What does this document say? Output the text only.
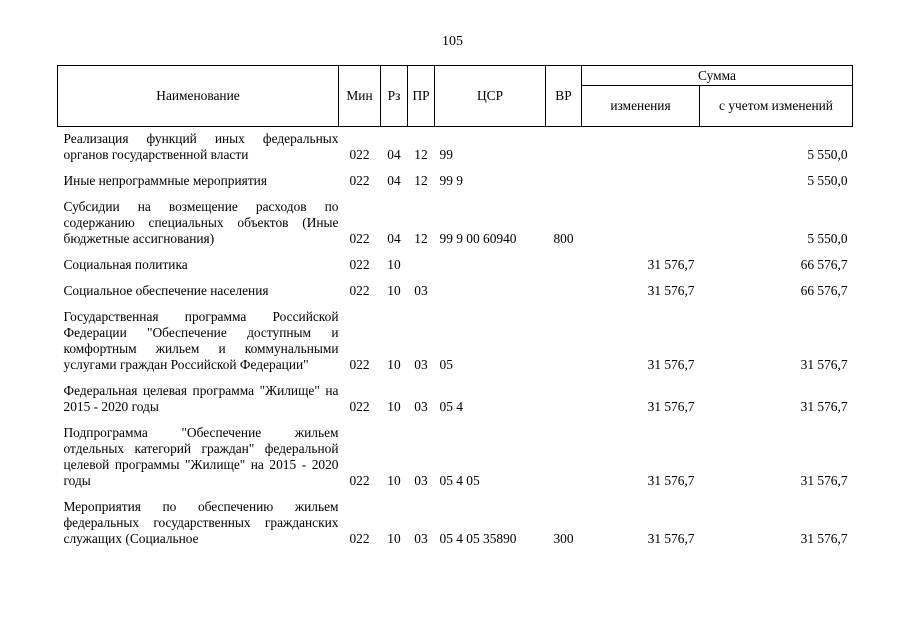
105
Наименование	Мин	Рз	ПР	ЦСР	ВР	Сумма	
						изменения	с учетом изменений

Реализация функций иных федеральных органов государственной власти	022	04	12	99			5 550,0

Иные непрограммные мероприятия	022	04	12	99 9			5 550,0

Субсидии на возмещение расходов по содержанию специальных объектов (Иные бюджетные ассигнования)	022	04	12	99 9 00 60940	800		5 550,0

Социальная политика	022	10				31 576,7	66 576,7

Социальное обеспечение населения	022	10	03			31 576,7	66 576,7

Государственная программа Российской Федерации "Обеспечение доступным и комфортным жильем и коммунальными услугами граждан Российской Федерации"	022	10	03	05		31 576,7	31 576,7

Федеральная целевая программа "Жилище" на 2015 - 2020 годы	022	10	03	05 4		31 576,7	31 576,7

Подпрограмма "Обеспечение жильем отдельных категорий граждан" федеральной целевой программы "Жилище" на 2015 - 2020 годы	022	10	03	05 4 05		31 576,7	31 576,7

Мероприятия по обеспечению жильем федеральных государственных гражданских служащих (Социальное	022	10	03	05 4 05 35890	300	31 576,7	31 576,7
